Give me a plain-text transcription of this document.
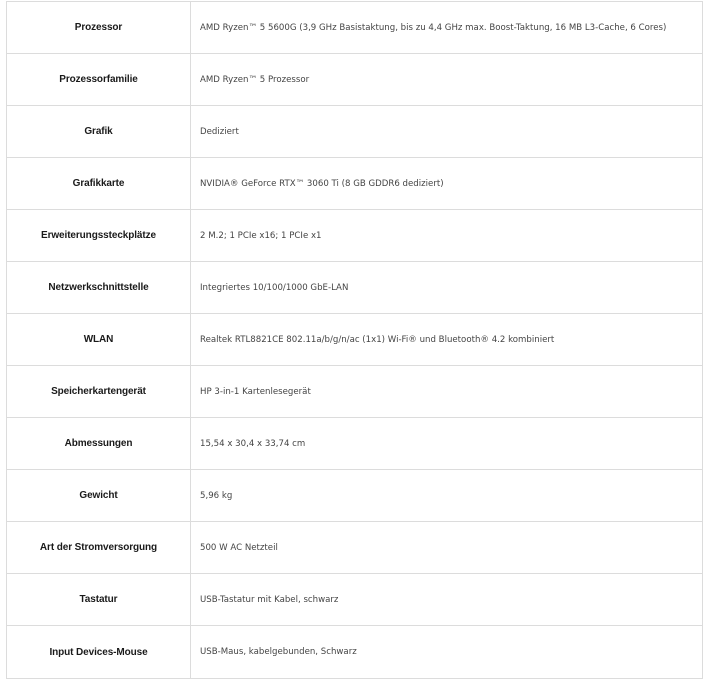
Prozessor	AMD Ryzen™ 5 5600G (3,9 GHz Basistaktung, bis zu 4,4 GHz max. Boost-Taktung, 16 MB L3-Cache, 6 Cores)
Prozessorfamilie	AMD Ryzen™ 5 Prozessor
Grafik	Dediziert
Grafikkarte	NVIDIA® GeForce RTX™ 3060 Ti (8 GB GDDR6 dediziert)
Erweiterungssteckplätze	2 M.2; 1 PCIe x16; 1 PCIe x1
Netzwerkschnittstelle	Integriertes 10/100/1000 GbE-LAN
WLAN	Realtek RTL8821CE 802.11a/b/g/n/ac (1x1) Wi-Fi® und Bluetooth® 4.2 kombiniert
Speicherkartengerät	HP 3-in-1 Kartenlesegerät
Abmessungen	15,54 x 30,4 x 33,74 cm
Gewicht	5,96 kg
Art der Stromversorgung	500 W AC Netzteil
Tastatur	USB-Tastatur mit Kabel, schwarz
Input Devices-Mouse	USB-Maus, kabelgebunden, Schwarz
